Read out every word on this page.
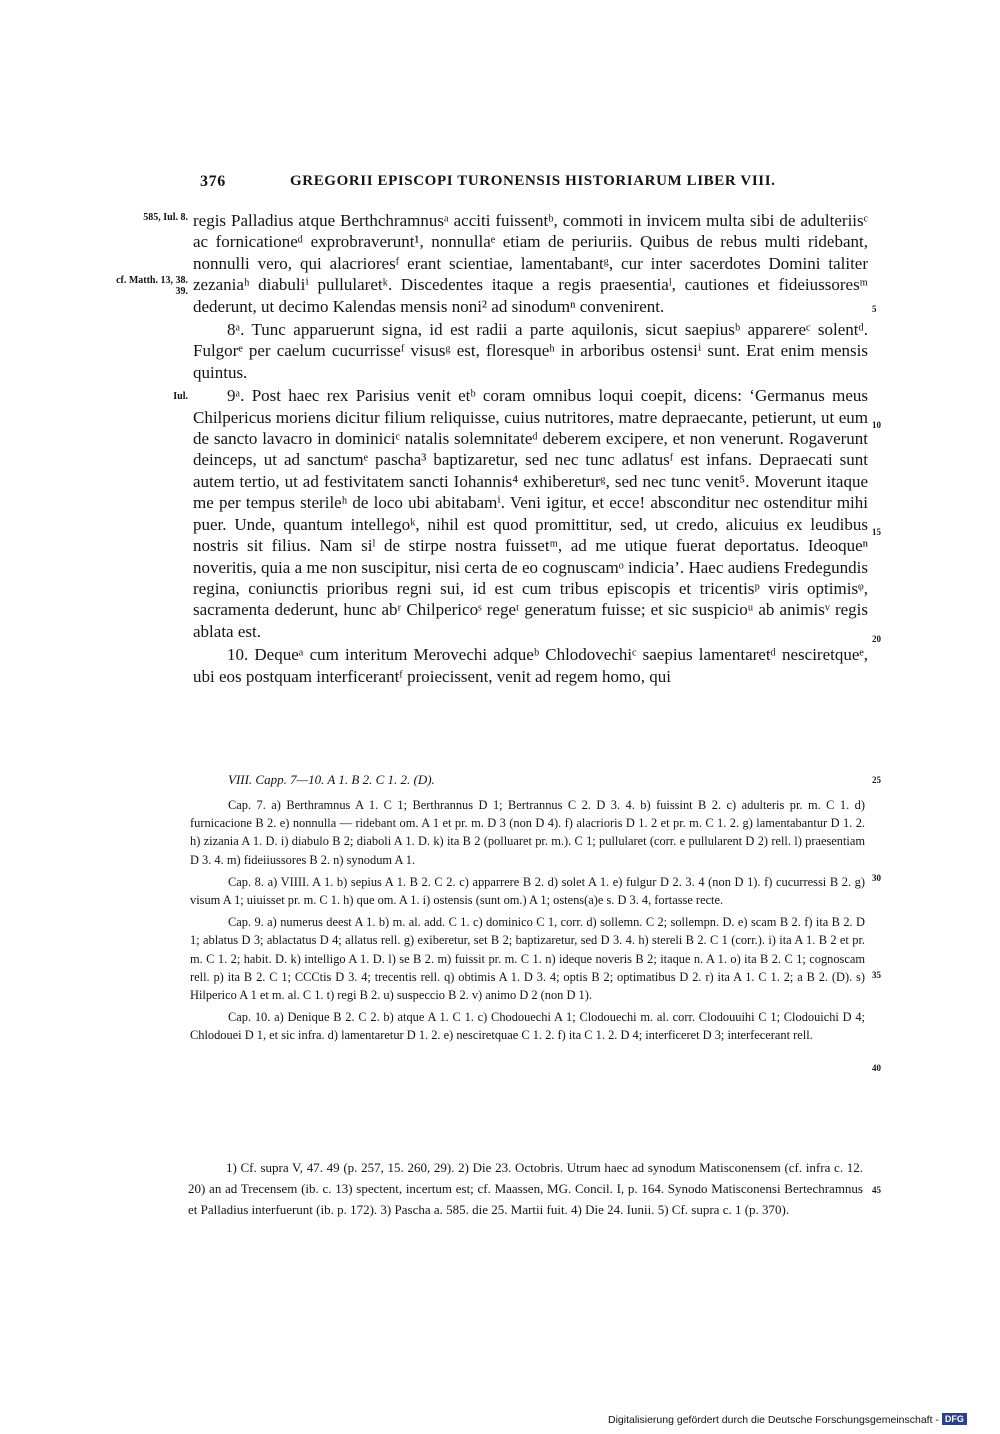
376	GREGORII EPISCOPI TURONENSIS HISTORIARUM LIBER VIII.
585, Iul. 8.
cf. Matth. 13, 38. 39.
Iul.
5
10
15
20
25
30
35
40
45

regis Palladius atque Berthchramnusᵃ acciti fuissentᵇ, commoti in invicem multa sibi de adulteriisᶜ ac fornicationeᵈ exprobraverunt¹, nonnullaᵉ etiam de periuriis. Quibus de rebus multi ridebant, nonnulli vero, qui alacrioresᶠ erant scientiae, lamentabantᵍ, cur inter sacerdotes Domini taliter zezaniaʰ diabuliⁱ pullularetᵏ. Discedentes itaque a regis praesentiaˡ, cautiones et fideiussoresᵐ dederunt, ut decimo Kalendas mensis noni² ad sinodumⁿ convenirent.

8ᵃ. Tunc apparuerunt signa, id est radii a parte aquilonis, sicut saepiusᵇ apparereᶜ solentᵈ. Fulgorᵉ per caelum cucurrisseᶠ visusᵍ est, floresqueʰ in arboribus ostensiⁱ sunt. Erat enim mensis quintus.

9ᵃ. Post haec rex Parisius venit etᵇ coram omnibus loqui coepit, dicens: ‘Germanus meus Chilpericus moriens dicitur filium reliquisse, cuius nutritores, matre depraecante, petierunt, ut eum de sancto lavacro in dominiciᶜ natalis solemnitateᵈ deberem excipere, et non venerunt. Rogaverunt deinceps, ut ad sanctumᵉ pascha³ baptizaretur, sed nec tunc adlatusᶠ est infans. Depraecati sunt autem tertio, ut ad festivitatem sancti Iohannis⁴ exhibereturᵍ, sed nec tunc venit⁵. Moverunt itaque me per tempus sterileʰ de loco ubi abitabamⁱ. Veni igitur, et ecce! absconditur nec ostenditur mihi puer. Unde, quantum intellegoᵏ, nihil est quod promittitur, sed, ut credo, alicuius ex leudibus nostris sit filius. Nam siˡ de stirpe nostra fuissetᵐ, ad me utique fuerat deportatus. Ideoqueⁿ noveritis, quia a me non suscipitur, nisi certa de eo cognuscamᵒ indicia’. Haec audiens Fredegundis regina, coniunctis prioribus regni sui, id est cum tribus episcopis et tricentisᵖ viris optimisᵠ, sacramenta dederunt, hunc abʳ Chilpericoˢ regeᵗ generatum fuisse; et sic suspicioᵘ ab animisᵛ regis ablata est.

10. Dequeᵃ cum interitum Merovechi adqueᵇ Chlodovechiᶜ saepius lamentaretᵈ nesciretqueᵉ, ubi eos postquam interficerantᶠ proiecissent, venit ad regem homo, qui

VIII. Capp. 7—10. A 1. B 2. C 1. 2. (D).

Cap. 7. a) Berthramnus A 1. C 1; Berthrannus D 1; Bertrannus C 2. D 3. 4. b) fuissint B 2. c) adulteris pr. m. C 1. d) furnicacione B 2. e) nonnulla — ridebant om. A 1 et pr. m. D 3 (non D 4). f) alacrioris D 1. 2 et pr. m. C 1. 2. g) lamentabantur D 1. 2. h) zizania A 1. D. i) diabulo B 2; diaboli A 1. D. k) ita B 2 (polluaret pr. m.). C 1; pullularet (corr. e pullularent D 2) rell. l) praesentiam D 3. 4. m) fideiiussores B 2. n) synodum A 1.

Cap. 8. a) VIIII. A 1. b) sepius A 1. B 2. C 2. c) apparrere B 2. d) solet A 1. e) fulgur D 2. 3. 4 (non D 1). f) cucurressi B 2. g) visum A 1; uiuisset pr. m. C 1. h) que om. A 1. i) ostensis (sunt om.) A 1; ostens(a)e s. D 3. 4, fortasse recte.

Cap. 9. a) numerus deest A 1. b) m. al. add. C 1. c) dominico C 1, corr. d) sollemn. C 2; sollempn. D. e) scam B 2. f) ita B 2. D 1; ablatus D 3; ablactatus D 4; allatus rell. g) exiberetur, set B 2; baptizaretur, sed D 3. 4. h) stereli B 2. C 1 (corr.). i) ita A 1. B 2 et pr. m. C 1. 2; habit. D. k) intelligo A 1. D. l) se B 2. m) fuissit pr. m. C 1. n) ideque noveris B 2; itaque n. A 1. o) ita B 2. C 1; cognoscam rell. p) ita B 2. C 1; CCCtis D 3. 4; trecentis rell. q) obtimis A 1. D 3. 4; optis B 2; optimatibus D 2. r) ita A 1. C 1. 2; a B 2. (D). s) Hilperico A 1 et m. al. C 1. t) regi B 2. u) suspeccio B 2. v) animo D 2 (non D 1).

Cap. 10. a) Denique B 2. C 2. b) atque A 1. C 1. c) Chodouechi A 1; Clodouechi m. al. corr. Clodouuihi C 1; Clodouichi D 4; Chlodouei D 1, et sic infra. d) lamentaretur D 1. 2. e) nesciretquae C 1. 2. f) ita C 1. 2. D 4; interficeret D 3; interfecerant rell.

1) Cf. supra V, 47. 49 (p. 257, 15. 260, 29). 2) Die 23. Octobris. Utrum haec ad synodum Matisconensem (cf. infra c. 12. 20) an ad Trecensem (ib. c. 13) spectent, incertum est; cf. Maassen, MG. Concil. I, p. 164. Synodo Matisconensi Bertechramnus et Palladius interfuerunt (ib. p. 172). 3) Pascha a. 585. die 25. Martii fuit. 4) Die 24. Iunii. 5) Cf. supra c. 1 (p. 370).

Digitalisierung gefördert durch die Deutsche Forschungsgemeinschaft - DFG
